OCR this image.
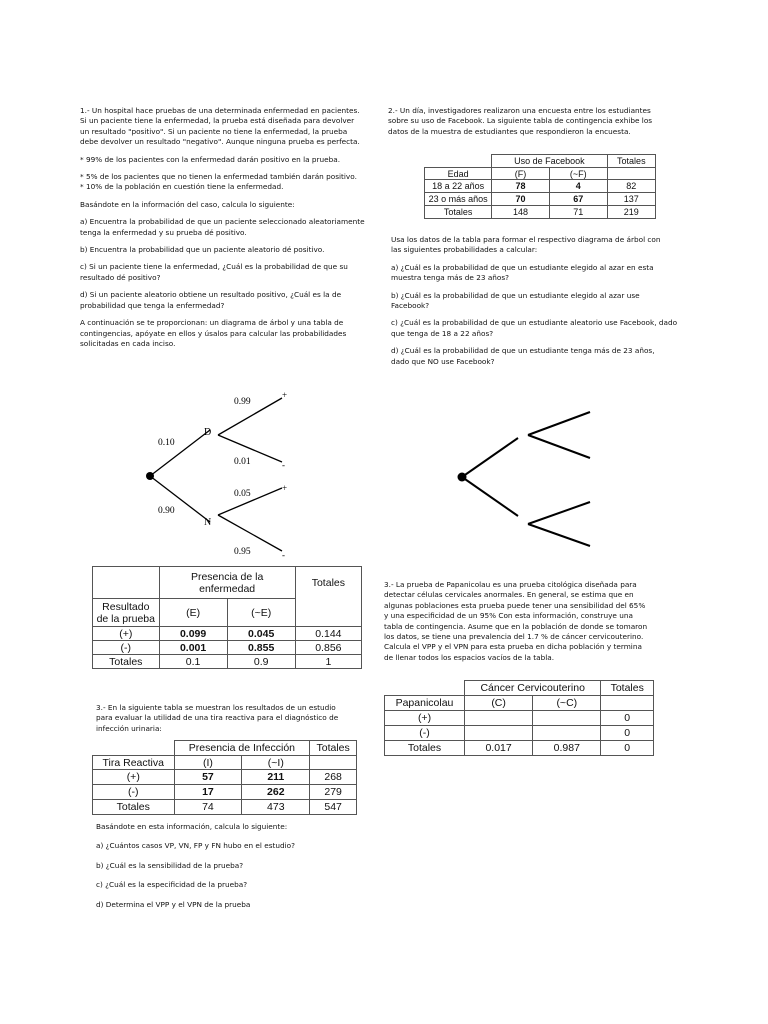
1.- Un hospital hace pruebas de una determinada enfermedad en pacientes.

Si un paciente tiene la enfermedad, la prueba está diseñada para devolver

un resultado "positivo". Si un paciente no tiene la enfermedad, la prueba

debe devolver un resultado "negativo". Aunque ninguna prueba es perfecta.

* 99% de los pacientes con la enfermedad darán positivo en la prueba.

* 5% de los pacientes que no tienen la enfermedad también darán positivo.

* 10% de la población en cuestión tiene la enfermedad.

Basándote en la información del caso, calcula lo siguiente:

a) Encuentra la probabilidad de que un paciente seleccionado aleatoriamente

tenga la enfermedad y su prueba dé positivo.

b) Encuentra la probabilidad que un paciente aleatorio dé positivo.

c) Si un paciente tiene la enfermedad, ¿Cuál es la probabilidad de que su

resultado dé positivo?

d) Si un paciente aleatorio obtiene un resultado positivo, ¿Cuál es la de

probabilidad que tenga la enfermedad?

A continuación se te proporcionan: un diagrama de árbol y una tabla de

contingencias, apóyate en ellos y úsalos para calcular las probabilidades

solicitadas en cada inciso.

0.10
0.90
D
N
0.99
0.01
0.05
0.95
+
-
+
-
	Presencia de la
enfermedad		Totales
Resultado
de la prueba	(E)	(~E)	
(+)	0.099	0.045	0.144
(-)	0.001	0.855	0.856
Totales	0.1	0.9	1

3.- En la siguiente tabla se muestran los resultados de un estudio

para evaluar la utilidad de una tira reactiva para el diagnóstico de

infección urinaria:

	Presencia de Infección		Totales
Tira Reactiva	(I)	(~I)	
(+)	57	211	268
(-)	17	262	279
Totales	74	473	547

Basándote en esta información, calcula lo siguiente:

a) ¿Cuántos casos VP, VN, FP y FN hubo en el estudio?

b) ¿Cuál es la sensibilidad de la prueba?

c) ¿Cuál es la especificidad de la prueba?

d) Determina el VPP y el VPN de la prueba

2.- Un día, investigadores realizaron una encuesta entre los estudiantes

sobre su uso de Facebook. La siguiente tabla de contingencia exhibe los

datos de la muestra de estudiantes que respondieron la encuesta.

	Uso de Facebook		Totales
Edad	(F)	(~F)	
18 a 22 años	78	4	82
23 o más años	70	67	137
Totales	148	71	219

Usa los datos de la tabla para formar el respectivo diagrama de árbol con

las siguientes probabilidades a calcular:

a) ¿Cuál es la probabilidad de que un estudiante elegido al azar en esta

muestra tenga más de 23 años?

b) ¿Cuál es la probabilidad de que un estudiante elegido al azar use

Facebook?

c) ¿Cuál es la probabilidad de que un estudiante aleatorio use Facebook, dado

que tenga de 18 a 22 años?

d) ¿Cuál es la probabilidad de que un estudiante tenga más de 23 años,

dado que NO use Facebook?

3.- La prueba de Papanicolau es una prueba citológica diseñada para

detectar células cervicales anormales. En general, se estima que en

algunas poblaciones esta prueba puede tener una sensibilidad del 65%

y una especificidad de un 95% Con esta información, construye una

tabla de contingencia. Asume que en la población de donde se tomaron

los datos, se tiene una prevalencia del 1.7 % de cáncer cervicouterino.

Calcula el VPP y el VPN para esta prueba en dicha población y termina

de llenar todos los espacios vacíos de la tabla.

	Cáncer Cervicouterino		Totales
Papanicolau	(C)	(~C)	
(+)			0
(-)			0
Totales	0.017	0.987	0
